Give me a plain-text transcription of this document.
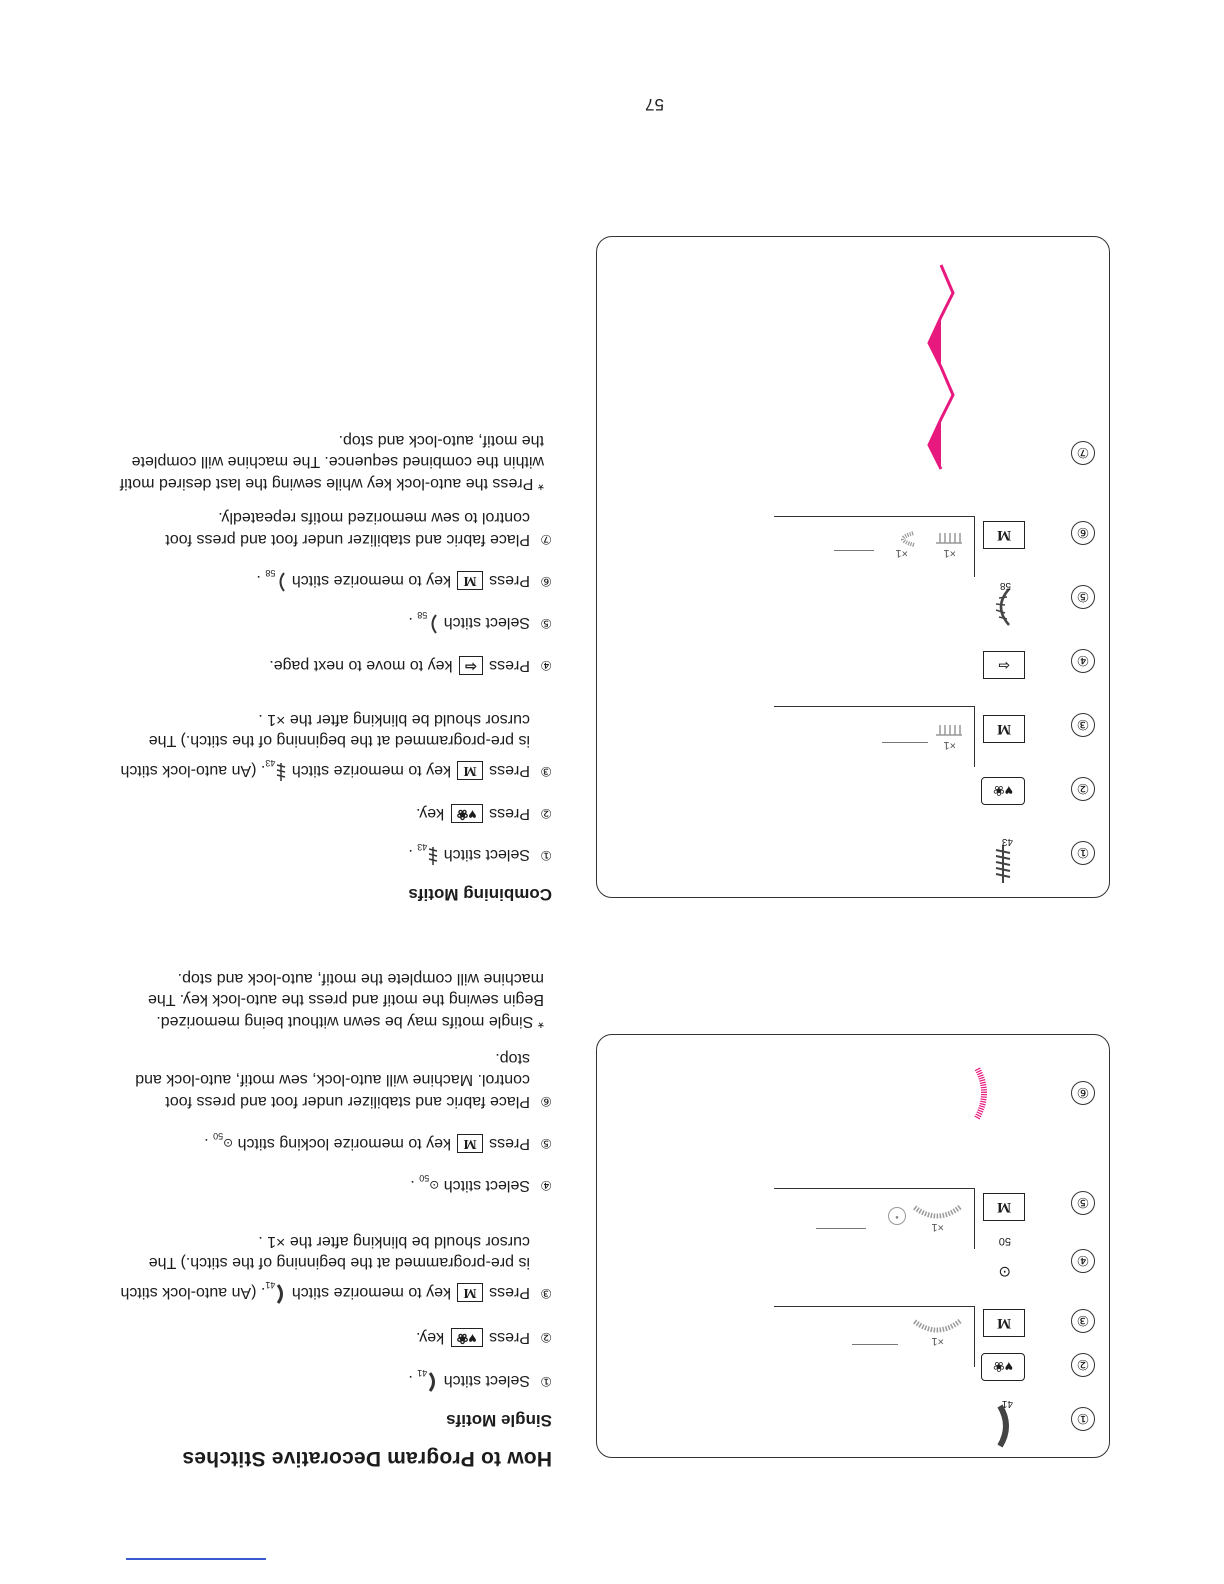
How to Program Decorative Stitches
Single Motifs
①Select stitch $_{41}$ .
②Press ♥❀ key.
③Press M key to memorize stitch $_{41}$. (An auto-lock stitch is pre-programmed at the beginning of the stitch.) The cursor should be blinking after the ×1 .
④Select stitch $⊙_{50}$ .
⑤Press M key to memorize locking stitch $⊙_{50}$ .
⑥Place fabric and stabilizer under foot and press foot control. Machine will auto-lock, sew motif, auto-lock and stop.
* Single motifs may be sewn without being memorized. Begin sewing the motif and press the auto-lock key. The machine will complete the motif, auto-lock and stop.
Combining Motifs
①Select stitch $_{43}$ .
②Press ♥❀ key.
③Press M key to memorize stitch $_{43}$. (An auto-lock stitch is pre-programmed at the beginning of the stitch.) The cursor should be blinking after the ×1 .
④Press ⇦ key to move to next page.
⑤Select stitch $_{58}$ .
⑥Press M key to memorize stitch $_{58}$ .
⑦Place fabric and stabilizer under foot and press foot control to sew memorized motifs repeatedly.
* Press the auto-lock key while sewing the last desired motif within the combined sequence. The machine will complete the motif, auto-lock and stop.
①
41
②
♥❀
③
M
×1
④
⊙
50
⑤
M
×1
•
⑥
①
43
②
♥❀
③
M
×1
④
⇦
⑤
58
⑥
M
×1
×1
⑦
57
